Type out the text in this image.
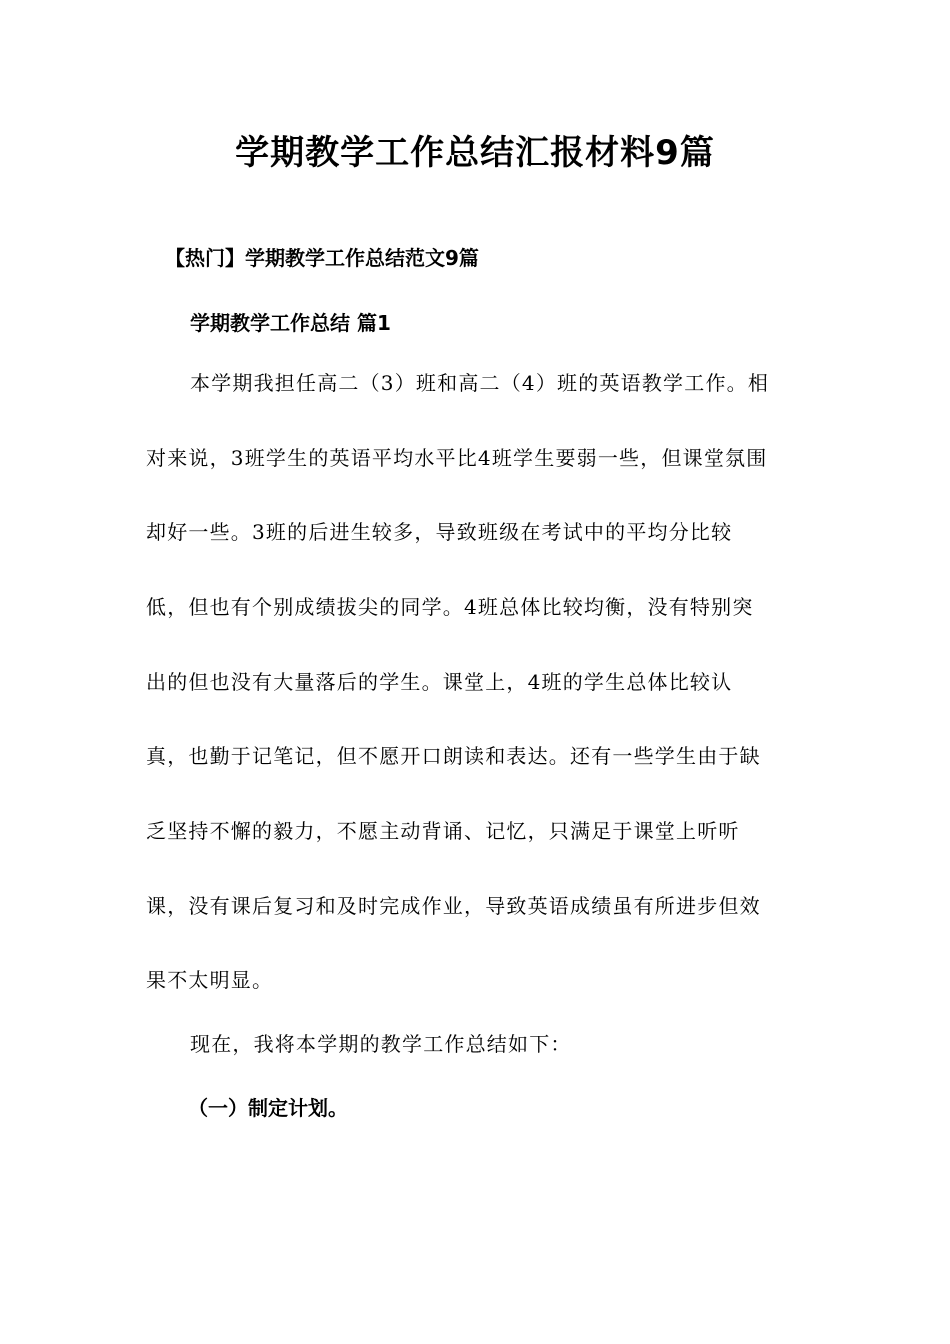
学期教学工作总结汇报材料9篇

【热门】学期教学工作总结范文9篇

学期教学工作总结 篇1

本学期我担任高二（3）班和高二（4）班的英语教学工作。相

对来说，3班学生的英语平均水平比4班学生要弱一些，但课堂氛围

却好一些。3班的后进生较多，导致班级在考试中的平均分比较

低，但也有个别成绩拔尖的同学。4班总体比较均衡，没有特别突

出的但也没有大量落后的学生。课堂上，4班的学生总体比较认

真，也勤于记笔记，但不愿开口朗读和表达。还有一些学生由于缺

乏坚持不懈的毅力，不愿主动背诵、记忆，只满足于课堂上听听

课，没有课后复习和及时完成作业，导致英语成绩虽有所进步但效

果不太明显。

现在，我将本学期的教学工作总结如下：

（一）制定计划。
